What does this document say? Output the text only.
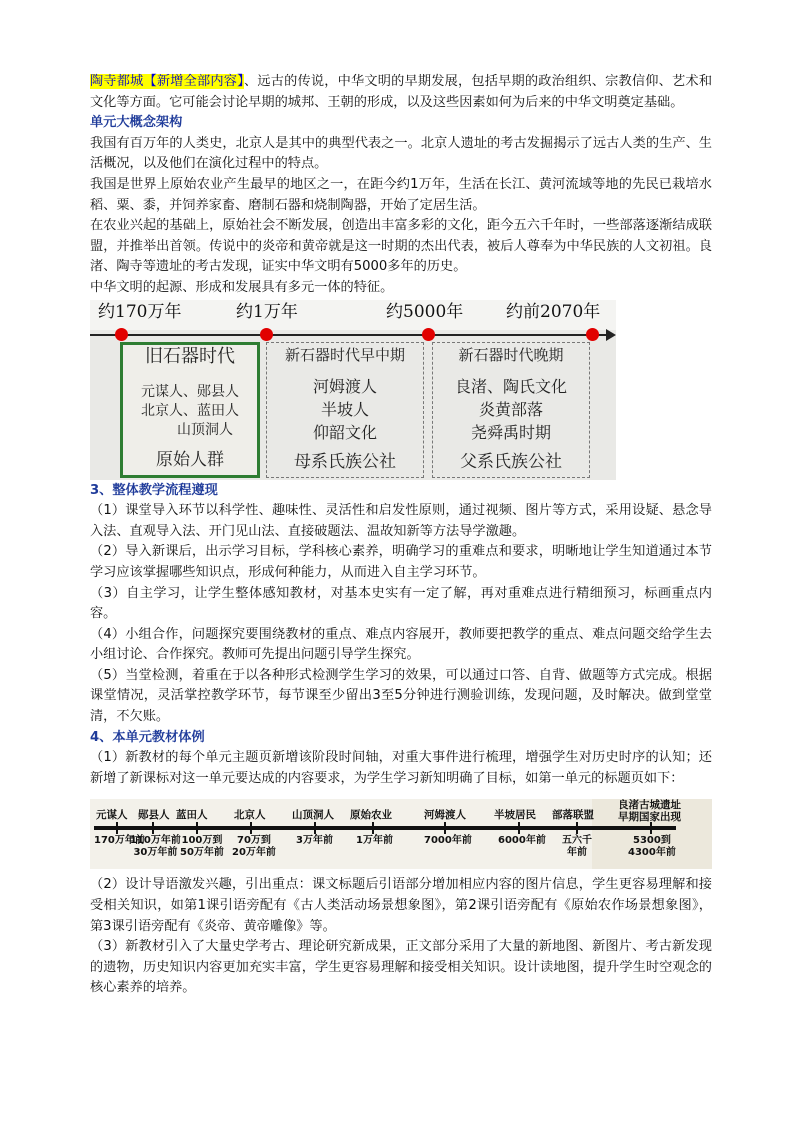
陶寺都城【新增全部内容】、远古的传说，中华文明的早期发展，包括早期的政治组织、宗教信仰、艺术和文化等方面。它可能会讨论早期的城邦、王朝的形成，以及这些因素如何为后来的中华文明奠定基础。

单元大概念架构

我国有百万年的人类史，北京人是其中的典型代表之一。北京人遗址的考古发掘揭示了远古人类的生产、生活概况，以及他们在演化过程中的特点。

我国是世界上原始农业产生最早的地区之一，在距今约1万年，生活在长江、黄河流域等地的先民已栽培水稻、粟、黍，并饲养家畜、磨制石器和烧制陶器，开始了定居生活。

在农业兴起的基础上，原始社会不断发展，创造出丰富多彩的文化，距今五六千年时，一些部落逐渐结成联盟，并推举出首领。传说中的炎帝和黄帝就是这一时期的杰出代表，被后人尊奉为中华民族的人文初祖。良渚、陶寺等遗址的考古发现，证实中华文明有5000多年的历史。

中华文明的起源、形成和发展具有多元一体的特征。

约170万年	约1万年	约5000年	约前2070年
旧石器时代
元谋人、郧县人
北京人、蓝田人
山顶洞人
原始人群
新石器时代早中期
河姆渡人
半坡人
仰韶文化
母系氏族公社
新石器时代晚期
良渚、陶氏文化
炎黄部落
尧舜禹时期
父系氏族公社

3、整体教学流程遵现

（1）课堂导入环节以科学性、趣味性、灵活性和启发性原则，通过视频、图片等方式，采用设疑、悬念导入法、直观导入法、开门见山法、直接破题法、温故知新等方法导学激趣。

（2）导入新课后，出示学习目标，学科核心素养，明确学习的重难点和要求，明晰地让学生知道通过本节学习应该掌握哪些知识点，形成何种能力，从而进入自主学习环节。

（3）自主学习，让学生整体感知教材，对基本史实有一定了解，再对重难点进行精细预习，标画重点内容。

（4）小组合作，问题探究要围绕教材的重点、难点内容展开，教师要把教学的重点、难点问题交给学生去小组讨论、合作探究。教师可先提出问题引导学生探究。

（5）当堂检测，着重在于以各种形式检测学生学习的效果，可以通过口答、自背、做题等方式完成。根据课堂情况，灵活掌控教学环节，每节课至少留出3至5分钟进行测验训练，发现问题，及时解决。做到堂堂清，不欠账。

4、本单元教材体例

（1）新教材的每个单元主题页新增该阶段时间轴，对重大事件进行梳理，增强学生对历史时序的认知；还新增了新课标对这一单元要达成的内容要求，为学生学习新知明确了目标，如第一单元的标题页如下：

元谋人 郧县人 蓝田人	北京人	山顶洞人 原始农业	河姆渡人	半坡居民 部落联盟
良渚古城遗址
早期国家出现
170万年前
110万年前
30万年前
100万到
50万年前
70万到
20万年前
3万年前 1万年前	7000年前	6000年前 五六千
年前
5300到
4300年前

（2）设计导语激发兴趣，引出重点：课文标题后引语部分增加相应内容的图片信息，学生更容易理解和接受相关知识，如第1课引语旁配有《古人类活动场景想象图》，第2课引语旁配有《原始农作场景想象图》，第3课引语旁配有《炎帝、黄帝雕像》等。

（3）新教材引入了大量史学考古、理论研究新成果，正文部分采用了大量的新地图、新图片、考古新发现的遗物，历史知识内容更加充实丰富，学生更容易理解和接受相关知识。设计读地图，提升学生时空观念的核心素养的培养。
